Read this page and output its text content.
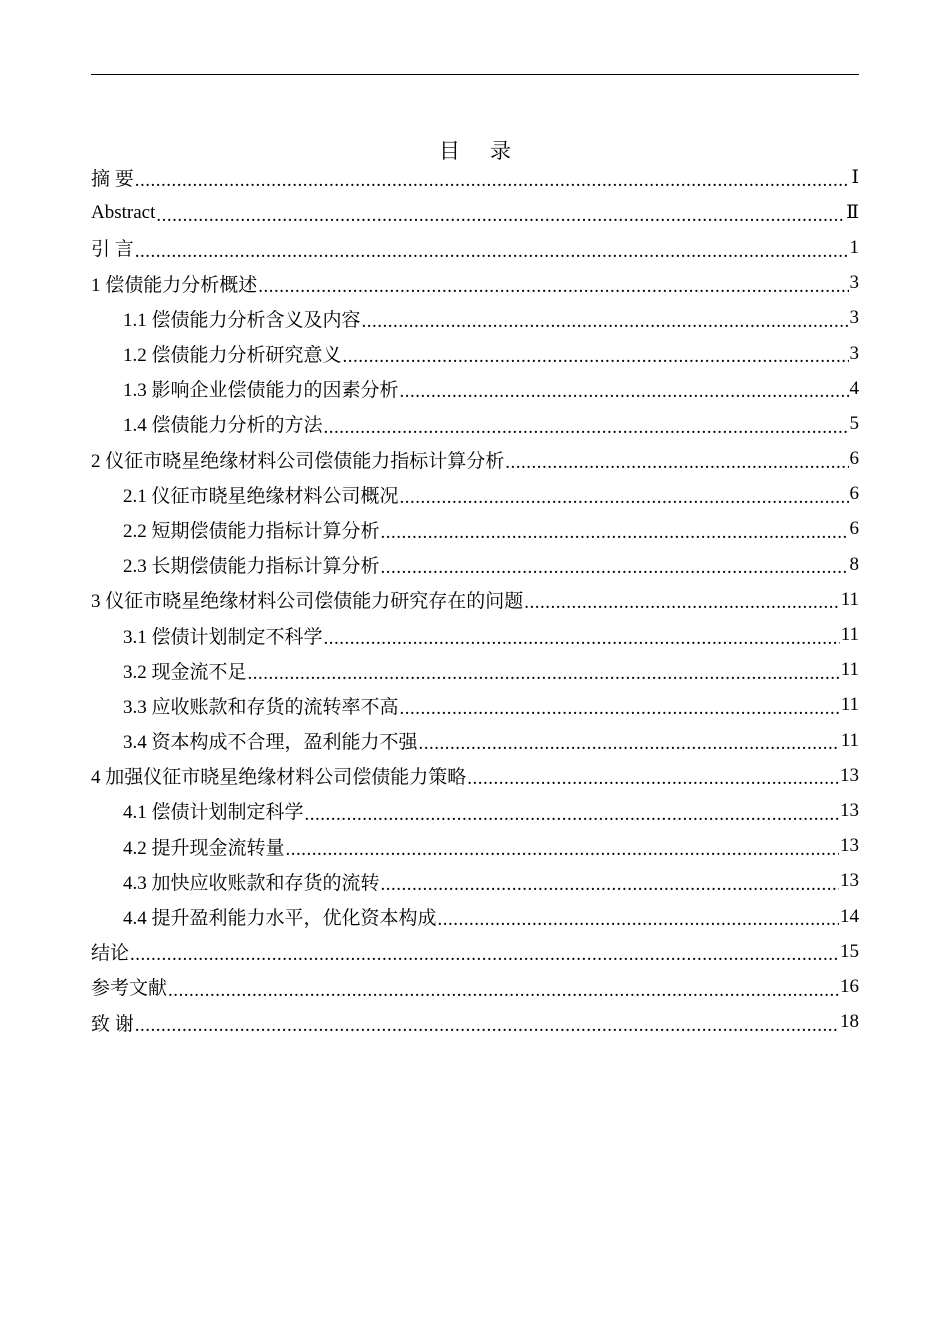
目 录
摘 要 .....	Ⅰ
Abstract .....	Ⅱ
引 言 .....	1
1 偿债能力分析概述 .....	3
1.1 偿债能力分析含义及内容 .....	3
1.2 偿债能力分析研究意义 .....	3
1.3 影响企业偿债能力的因素分析 .....	4
1.4 偿债能力分析的方法 .....	5
2 仪征市晓星绝缘材料公司偿债能力指标计算分析 .....	6
2.1 仪征市晓星绝缘材料公司概况 .....	6
2.2 短期偿债能力指标计算分析 .....	6
2.3 长期偿债能力指标计算分析 .....	8
3 仪征市晓星绝缘材料公司偿债能力研究存在的问题 .....	11
3.1 偿债计划制定不科学 .....	11
3.2 现金流不足 .....	11
3.3 应收账款和存货的流转率不高 .....	11
3.4 资本构成不合理，盈利能力不强 .....	11
4 加强仪征市晓星绝缘材料公司偿债能力策略 .....	13
4.1 偿债计划制定科学 .....	13
4.2 提升现金流转量 .....	13
4.3 加快应收账款和存货的流转 .....	13
4.4 提升盈利能力水平，优化资本构成 .....	14
结论 .....	15
参考文献 .....	16
致 谢 .....	18
